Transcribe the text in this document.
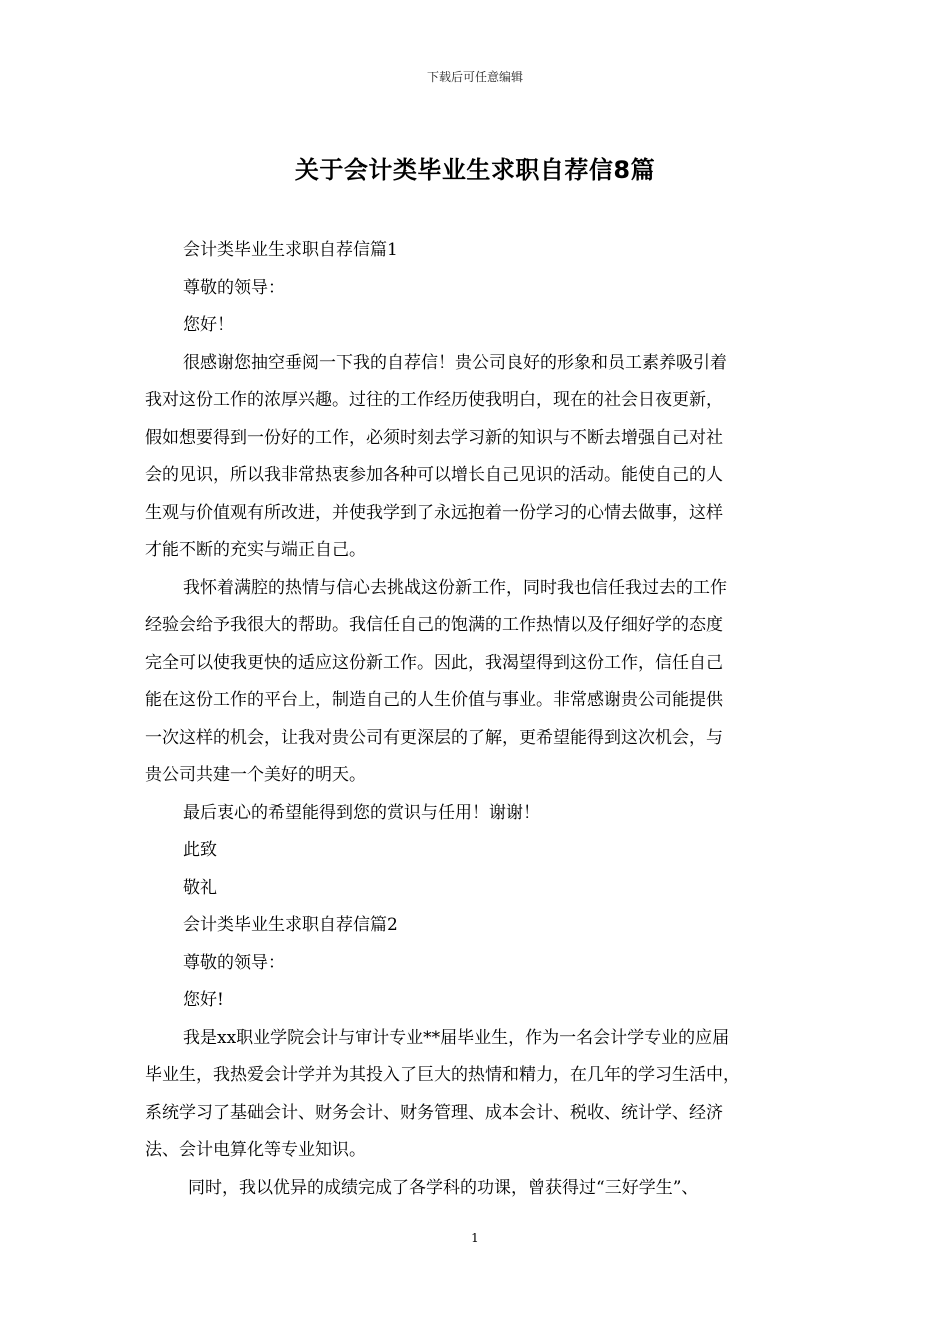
下载后可任意编辑
关于会计类毕业生求职自荐信8篇
会计类毕业生求职自荐信篇1
尊敬的领导：
您好！
很感谢您抽空垂阅一下我的自荐信！贵公司良好的形象和员工素养吸引着
我对这份工作的浓厚兴趣。过往的工作经历使我明白，现在的社会日夜更新，
假如想要得到一份好的工作，必须时刻去学习新的知识与不断去增强自己对社
会的见识，所以我非常热衷参加各种可以增长自己见识的活动。能使自己的人
生观与价值观有所改进，并使我学到了永远抱着一份学习的心情去做事，这样
才能不断的充实与端正自己。
我怀着满腔的热情与信心去挑战这份新工作，同时我也信任我过去的工作
经验会给予我很大的帮助。我信任自己的饱满的工作热情以及仔细好学的态度
完全可以使我更快的适应这份新工作。因此，我渴望得到这份工作，信任自己
能在这份工作的平台上，制造自己的人生价值与事业。非常感谢贵公司能提供
一次这样的机会，让我对贵公司有更深层的了解，更希望能得到这次机会，与
贵公司共建一个美好的明天。
最后衷心的希望能得到您的赏识与任用！谢谢！
此致
敬礼
会计类毕业生求职自荐信篇2
尊敬的领导：
您好!
我是xx职业学院会计与审计专业**届毕业生，作为一名会计学专业的应届
毕业生，我热爱会计学并为其投入了巨大的热情和精力，在几年的学习生活中，
系统学习了基础会计、财务会计、财务管理、成本会计、税收、统计学、经济
法、会计电算化等专业知识。
同时，我以优异的成绩完成了各学科的功课，曾获得过“三好学生”、
1
